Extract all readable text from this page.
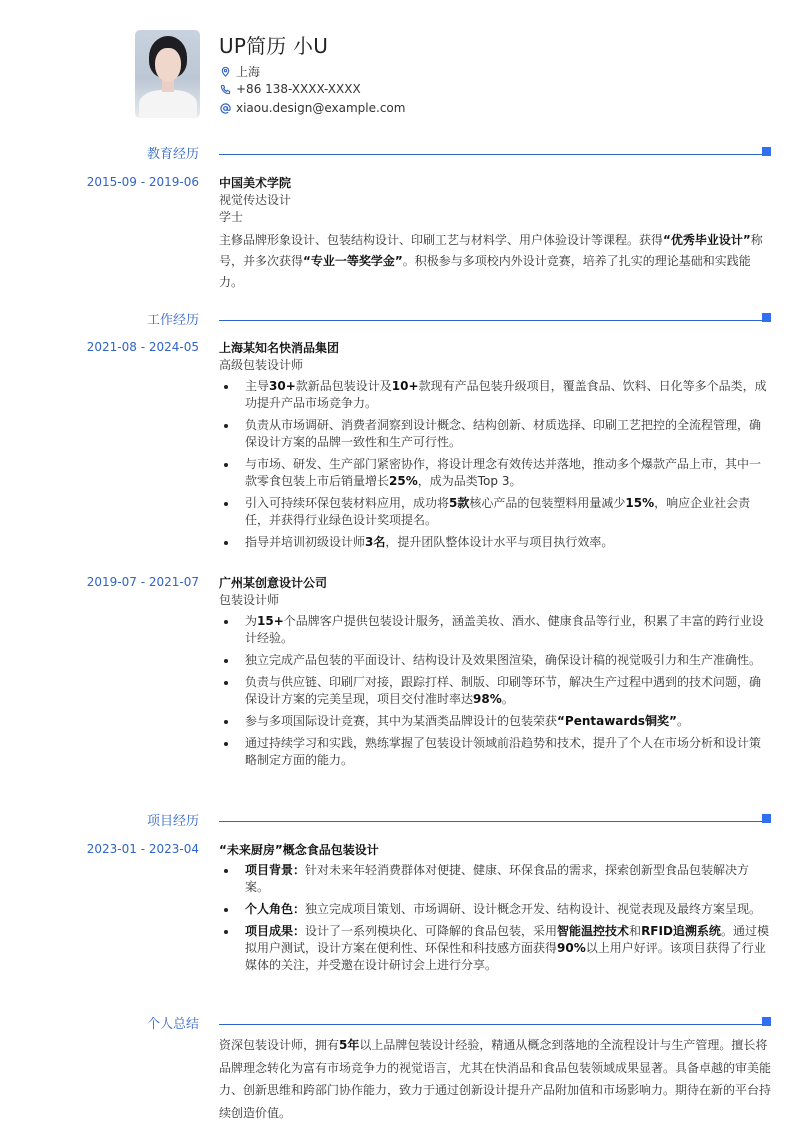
UP简历 小U
上海
+86 138-XXXX-XXXX
xiaou.design@example.com
教育经历
2015-09 - 2019-06 中国美术学院
视觉传达设计
学士
主修品牌形象设计、包装结构设计、印刷工艺与材料学、用户体验设计等课程。获得“优秀毕业设计”称号，并多次获得“专业一等奖学金”。积极参与多项校内外设计竞赛，培养了扎实的理论基础和实践能力。
工作经历
2021-08 - 2024-05 上海某知名快消品集团
高级包装设计师
主导30+款新品包装设计及10+款现有产品包装升级项目，覆盖食品、饮料、日化等多个品类，成功提升产品市场竞争力。
负责从市场调研、消费者洞察到设计概念、结构创新、材质选择、印刷工艺把控的全流程管理，确保设计方案的品牌一致性和生产可行性。
与市场、研发、生产部门紧密协作，将设计理念有效传达并落地，推动多个爆款产品上市，其中一款零食包装上市后销量增长25%，成为品类Top 3。
引入可持续环保包装材料应用，成功将5款核心产品的包装塑料用量减少15%，响应企业社会责任，并获得行业绿色设计奖项提名。
指导并培训初级设计师3名，提升团队整体设计水平与项目执行效率。
2019-07 - 2021-07 广州某创意设计公司
包装设计师
为15+个品牌客户提供包装设计服务，涵盖美妆、酒水、健康食品等行业，积累了丰富的跨行业设计经验。
独立完成产品包装的平面设计、结构设计及效果图渲染，确保设计稿的视觉吸引力和生产准确性。
负责与供应链、印刷厂对接，跟踪打样、制版、印刷等环节，解决生产过程中遇到的技术问题，确保设计方案的完美呈现，项目交付准时率达98%。
参与多项国际设计竞赛，其中为某酒类品牌设计的包装荣获“Pentawards铜奖”。
通过持续学习和实践，熟练掌握了包装设计领域前沿趋势和技术，提升了个人在市场分析和设计策略制定方面的能力。
项目经历
2023-01 - 2023-04 “未来厨房”概念食品包装设计
项目背景：针对未来年轻消费群体对便捷、健康、环保食品的需求，探索创新型食品包装解决方案。
个人角色：独立完成项目策划、市场调研、设计概念开发、结构设计、视觉表现及最终方案呈现。
项目成果：设计了一系列模块化、可降解的食品包装，采用智能温控技术和RFID追溯系统。通过模拟用户测试，设计方案在便利性、环保性和科技感方面获得90%以上用户好评。该项目获得了行业媒体的关注，并受邀在设计研讨会上进行分享。
个人总结
资深包装设计师，拥有5年以上品牌包装设计经验，精通从概念到落地的全流程设计与生产管理。擅长将品牌理念转化为富有市场竞争力的视觉语言，尤其在快消品和食品包装领域成果显著。具备卓越的审美能力、创新思维和跨部门协作能力，致力于通过创新设计提升产品附加值和市场影响力。期待在新的平台持续创造价值。
